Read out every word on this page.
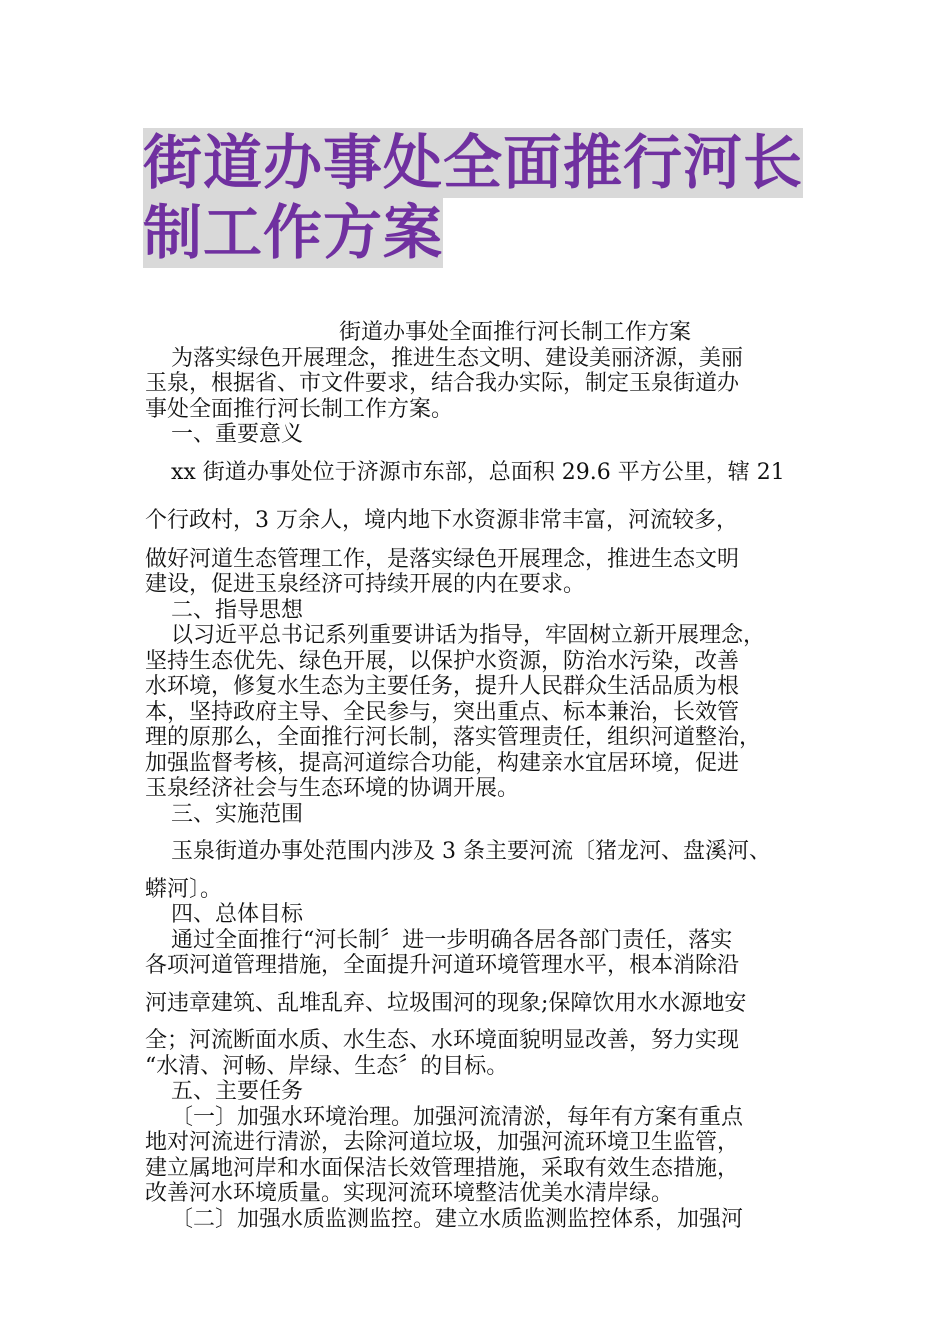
街道办事处全面推行河长
制工作方案

街道办事处全面推行河长制工作方案

为落实绿色开展理念，推进生态文明、建设美丽济源，美丽

玉泉，根据省、市文件要求，结合我办实际，制定玉泉街道办

事处全面推行河长制工作方案。

一、重要意义

xx 街道办事处位于济源市东部，总面积 29.6 平方公里，辖 21

个行政村，3 万余人，境内地下水资源非常丰富，河流较多，

做好河道生态管理工作，是落实绿色开展理念，推进生态文明

建设，促进玉泉经济可持续开展的内在要求。

二、指导思想

以习近平总书记系列重要讲话为指导，牢固树立新开展理念，

坚持生态优先、绿色开展，以保护水资源，防治水污染，改善

水环境，修复水生态为主要任务，提升人民群众生活品质为根

本，坚持政府主导、全民参与，突出重点、标本兼治，长效管

理的原那么，全面推行河长制，落实管理责任，组织河道整治，

加强监督考核，提高河道综合功能，构建亲水宜居环境，促进

玉泉经济社会与生态环境的协调开展。

三、实施范围

玉泉街道办事处范围内涉及 3 条主要河流〔猪龙河、盘溪河、

蟒河〕。

四、总体目标

通过全面推行“河长制〞进一步明确各居各部门责任，落实

各项河道管理措施，全面提升河道环境管理水平，根本消除沿

河违章建筑、乱堆乱弃、垃圾围河的现象;保障饮用水水源地安

全；河流断面水质、水生态、水环境面貌明显改善，努力实现

“水清、河畅、岸绿、生态〞的目标。

五、主要任务

〔一〕加强水环境治理。加强河流清淤，每年有方案有重点

地对河流进行清淤，去除河道垃圾，加强河流环境卫生监管，

建立属地河岸和水面保洁长效管理措施，采取有效生态措施，

改善河水环境质量。实现河流环境整洁优美水清岸绿。

〔二〕加强水质监测监控。建立水质监测监控体系，加强河
